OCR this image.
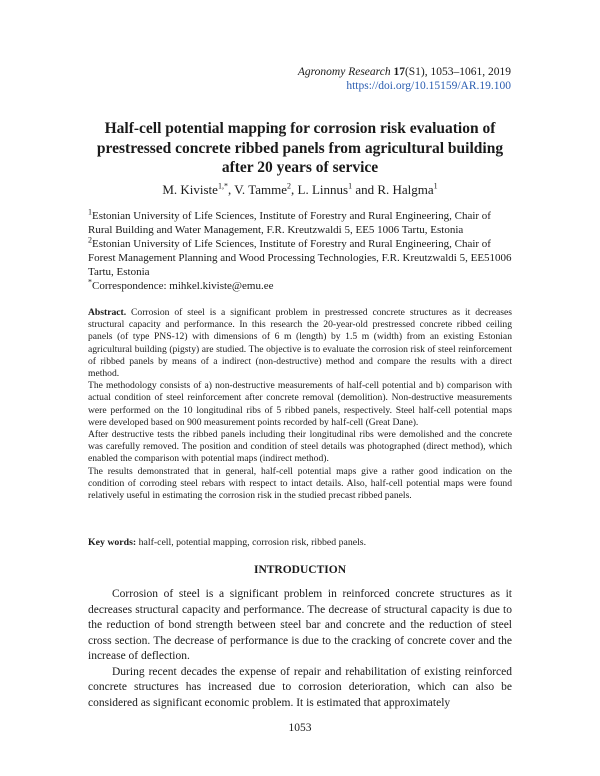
Agronomy Research 17(S1), 1053–1061, 2019
https://doi.org/10.15159/AR.19.100
Half-cell potential mapping for corrosion risk evaluation of prestressed concrete ribbed panels from agricultural building after 20 years of service
M. Kiviste$^{1,*}$, V. Tamme$^2$, L. Linnus$^1$ and R. Halgma$^1$

$^1$Estonian University of Life Sciences, Institute of Forestry and Rural Engineering, Chair of Rural Building and Water Management, F.R. Kreutzwaldi 5, EE5 1006 Tartu, Estonia

$^2$Estonian University of Life Sciences, Institute of Forestry and Rural Engineering, Chair of Forest Management Planning and Wood Processing Technologies, F.R. Kreutzwaldi 5, EE51006 Tartu, Estonia

*Correspondence: mihkel.kiviste@emu.ee

Abstract. Corrosion of steel is a significant problem in prestressed concrete structures as it decreases structural capacity and performance. In this research the 20-year-old prestressed concrete ribbed ceiling panels (of type PNS-12) with dimensions of 6 m (length) by 1.5 m (width) from an existing Estonian agricultural building (pigsty) are studied. The objective is to evaluate the corrosion risk of steel reinforcement of ribbed panels by means of a indirect (non-destructive) method and compare the results with a direct method.

The methodology consists of a) non-destructive measurements of half-cell potential and b) comparison with actual condition of steel reinforcement after concrete removal (demolition). Non-destructive measurements were performed on the 10 longitudinal ribs of 5 ribbed panels, respectively. Steel half-cell potential maps were developed based on 900 measurement points recorded by half-cell (Great Dane).

After destructive tests the ribbed panels including their longitudinal ribs were demolished and the concrete was carefully removed. The position and condition of steel details was photographed (direct method), which enabled the comparison with potential maps (indirect method).

The results demonstrated that in general, half-cell potential maps give a rather good indication on the condition of corroding steel rebars with respect to intact details. Also, half-cell potential maps were found relatively useful in estimating the corrosion risk in the studied precast ribbed panels.

Key words: half-cell, potential mapping, corrosion risk, ribbed panels.
INTRODUCTION

Corrosion of steel is a significant problem in reinforced concrete structures as it decreases structural capacity and performance. The decrease of structural capacity is due to the reduction of bond strength between steel bar and concrete and the reduction of steel cross section. The decrease of performance is due to the cracking of concrete cover and the increase of deflection.

During recent decades the expense of repair and rehabilitation of existing reinforced concrete structures has increased due to corrosion deterioration, which can also be considered as significant economic problem. It is estimated that approximately

1053
